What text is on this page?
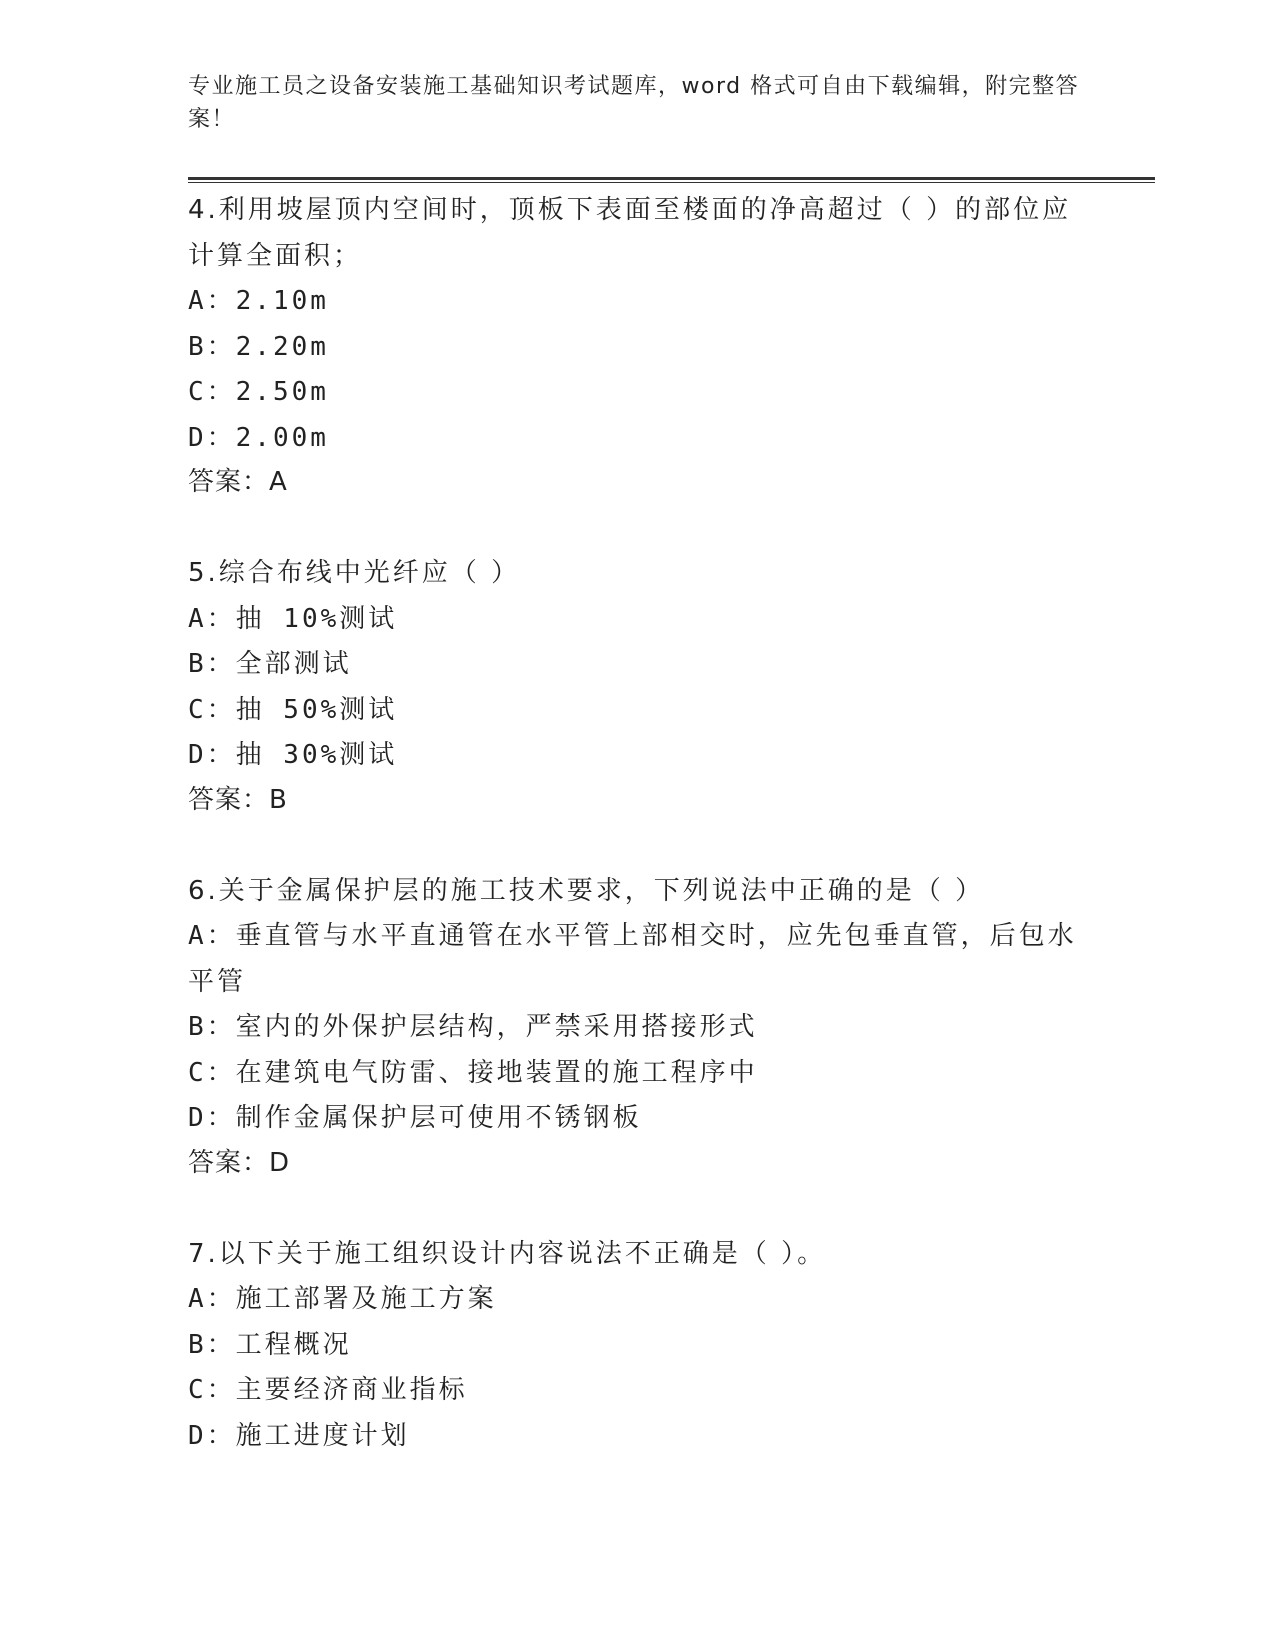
专业施工员之设备安装施工基础知识考试题库，word 格式可自由下载编辑，附完整答案！
4.利用坡屋顶内空间时，顶板下表面至楼面的净高超过（ ）的部位应计算全面积；
A：2.10m
B：2.20m
C：2.50m
D：2.00m
答案：A
5.综合布线中光纤应（ ）
A：抽 10%测试
B：全部测试
C：抽 50%测试
D：抽 30%测试
答案：B
6.关于金属保护层的施工技术要求，下列说法中正确的是（ ）
A：垂直管与水平直通管在水平管上部相交时，应先包垂直管，后包水平管
B：室内的外保护层结构，严禁采用搭接形式
C：在建筑电气防雷、接地装置的施工程序中
D：制作金属保护层可使用不锈钢板
答案：D
7.以下关于施工组织设计内容说法不正确是（ ）。
A：施工部署及施工方案
B：工程概况
C：主要经济商业指标
D：施工进度计划
